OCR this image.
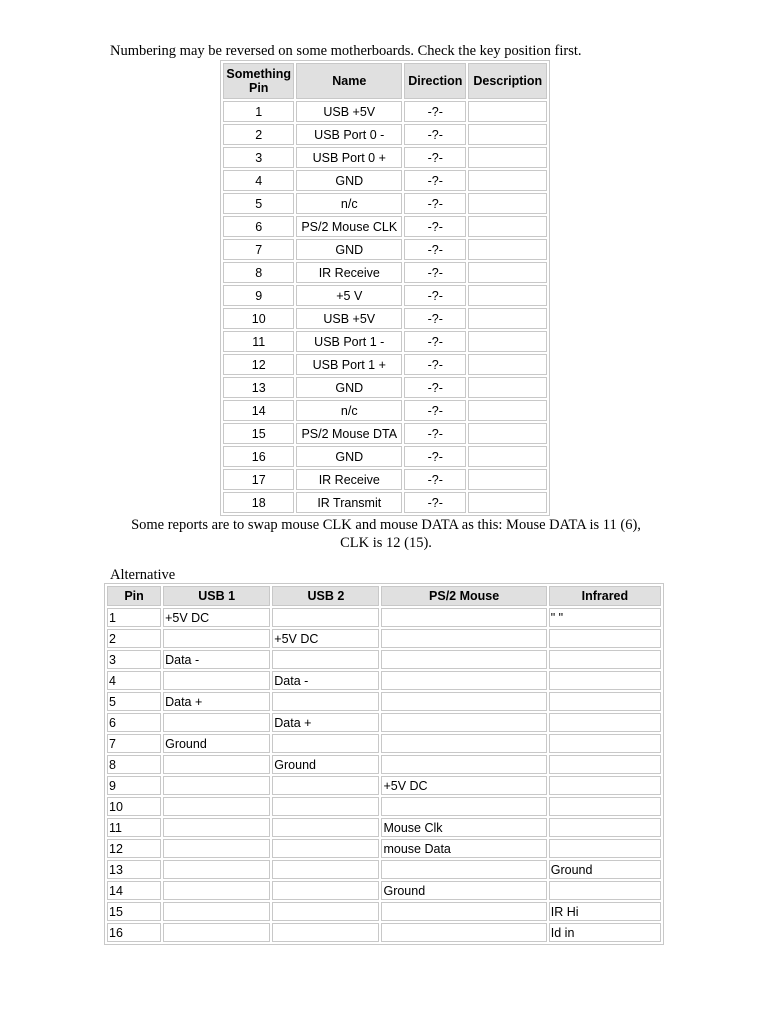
Numbering may be reversed on some motherboards. Check the key position first.
Something
Pin	Name	Direction	Description
1	USB +5V	-?-	
2	USB Port 0 -	-?-	
3	USB Port 0 +	-?-	
4	GND	-?-	
5	n/c	-?-	
6	PS/2 Mouse CLK	-?-	
7	GND	-?-	
8	IR Receive	-?-	
9	+5 V	-?-	
10	USB +5V	-?-	
11	USB Port 1 -	-?-	
12	USB Port 1 +	-?-	
13	GND	-?-	
14	n/c	-?-	
15	PS/2 Mouse DTA	-?-	
16	GND	-?-	
17	IR Receive	-?-	
18	IR Transmit	-?-	
Some reports are to swap mouse CLK and mouse DATA as this: Mouse DATA is 11 (6),
CLK is 12 (15).
Alternative
Pin	USB 1	USB 2	PS/2 Mouse	Infrared
1	+5V DC			" "
2		+5V DC		
3	Data -			
4		Data -		
5	Data +			
6		Data +		
7	Ground			
8		Ground		
9			+5V DC	
10				
11			Mouse Clk	
12			mouse Data	
13				Ground
14			Ground	
15				IR Hi
16				Id in
